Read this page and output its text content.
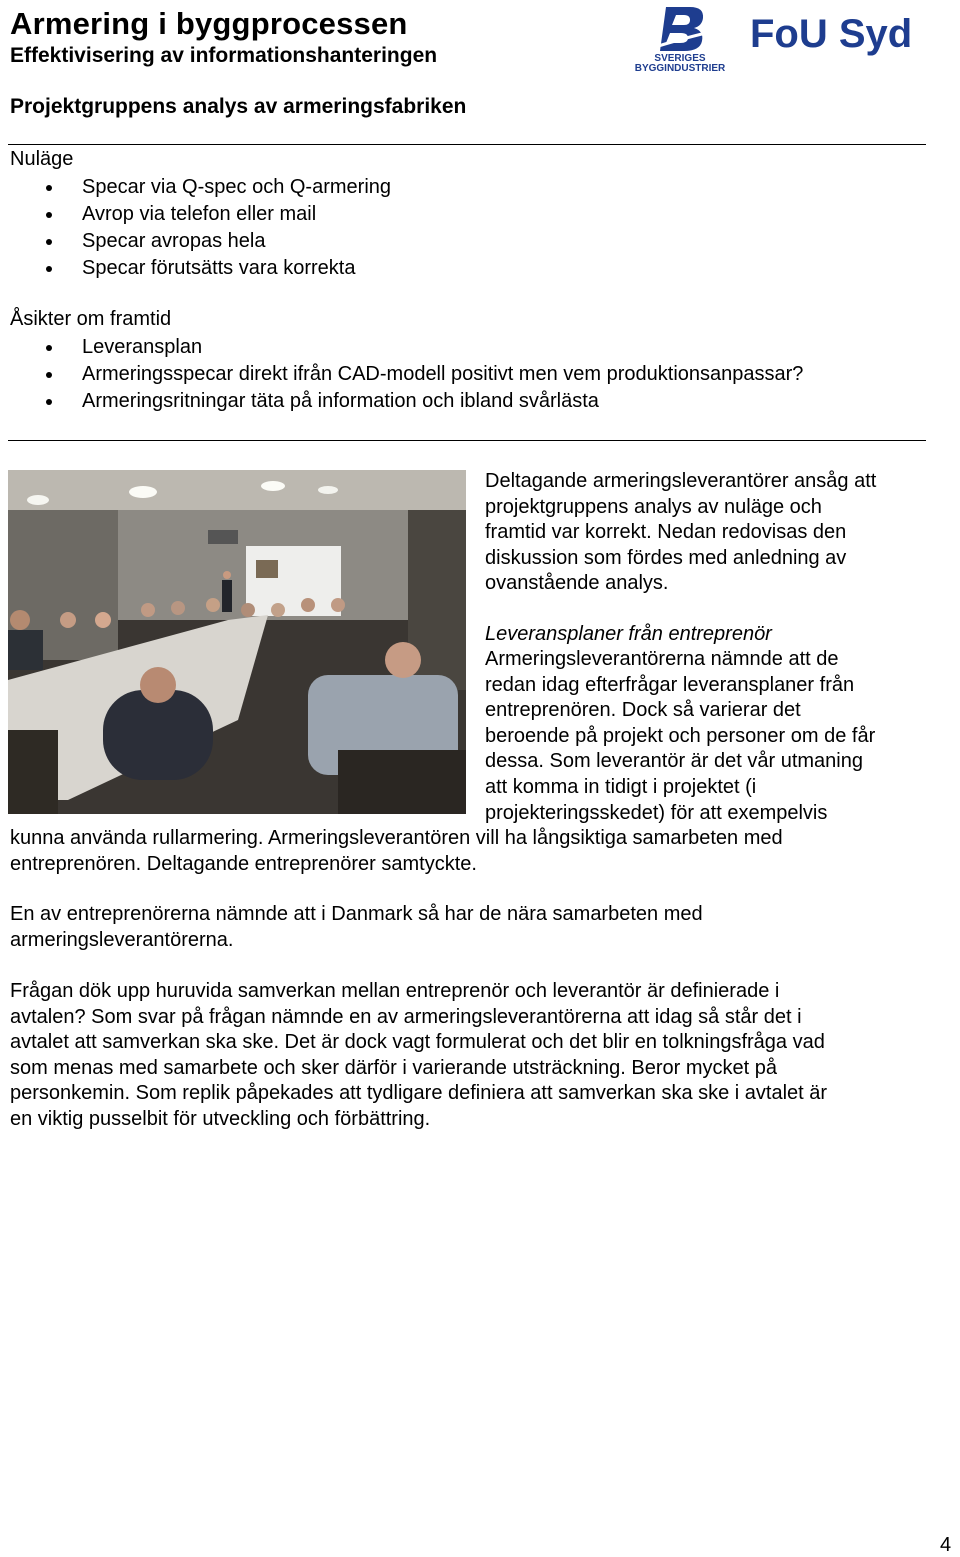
Armering i byggprocessen
Effektivisering av informationshanteringen	SVERIGES
BYGGINDUSTRIER
FoU Syd
Projektgruppens analys av armeringsfabriken
Nuläge
Specar via Q-spec och Q-armering
Avrop via telefon eller mail
Specar avropas hela
Specar förutsätts vara korrekta
Åsikter om framtid
Leveransplan
Armeringsspecar direkt ifrån CAD-modell positivt men vem produktionsanpassar?
Armeringsritningar täta på information och ibland svårlästa
Deltagande armeringsleverantörer ansåg att
projektgruppens analys av nuläge och
framtid var korrekt. Nedan redovisas den
diskussion som fördes med anledning av
ovanstående analys.
Leveransplaner från entreprenör
Armeringsleverantörerna nämnde att de
redan idag efterfrågar leveransplaner från
entreprenören. Dock så varierar det
beroende på projekt och personer om de får
dessa. Som leverantör är det vår utmaning
att komma in tidigt i projektet (i
projekteringsskedet) för att exempelvis
kunna använda rullarmering. Armeringsleverantören vill ha långsiktiga samarbeten med
entreprenören. Deltagande entreprenörer samtyckte.
En av entreprenörerna nämnde att i Danmark så har de nära samarbeten med
armeringsleverantörerna.
Frågan dök upp huruvida samverkan mellan entreprenör och leverantör är definierade i
avtalen? Som svar på frågan nämnde en av armeringsleverantörerna att idag så står det i
avtalet att samverkan ska ske. Det är dock vagt formulerat och det blir en tolkningsfråga vad
som menas med samarbete och sker därför i varierande utsträckning. Beror mycket på
personkemin. Som replik påpekades att tydligare definiera att samverkan ska ske i avtalet är
en viktig pusselbit för utveckling och förbättring.
4
